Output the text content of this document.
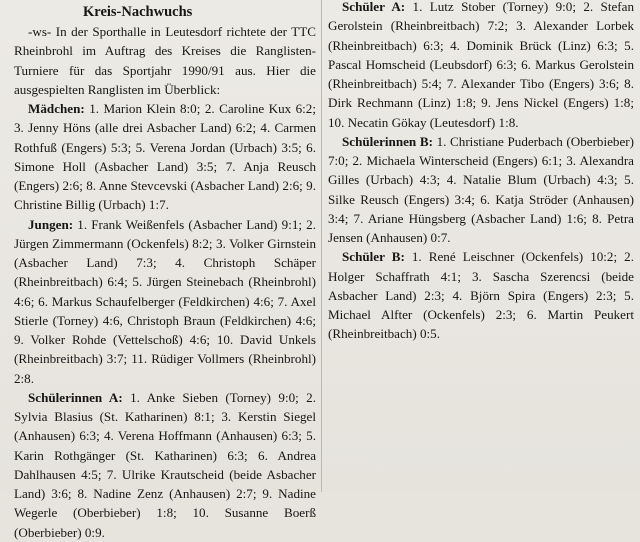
Kreis-Nachwuchs

-ws- In der Sporthalle in Leutesdorf richtete der TTC Rheinbrohl im Auftrag des Kreises die Ranglisten-Turniere für das Sportjahr 1990/91 aus. Hier die ausgespielten Ranglisten im Überblick:

Mädchen: 1. Marion Klein 8:0; 2. Caroline Kux 6:2; 3. Jenny Höns (alle drei Asbacher Land) 6:2; 4. Carmen Rothfuß (Engers) 5:3; 5. Verena Jordan (Urbach) 3:5; 6. Simone Holl (Asbacher Land) 3:5; 7. Anja Reusch (Engers) 2:6; 8. Anne Stevcevski (Asbacher Land) 2:6; 9. Christine Billig (Urbach) 1:7.

Jungen: 1. Frank Weißenfels (Asbacher Land) 9:1; 2. Jürgen Zimmermann (Ockenfels) 8:2; 3. Volker Girnstein (Asbacher Land) 7:3; 4. Christoph Schäper (Rheinbreitbach) 6:4; 5. Jürgen Steinebach (Rheinbrohl) 4:6; 6. Markus Schaufelberger (Feldkirchen) 4:6; 7. Axel Stierle (Torney) 4:6, Christoph Braun (Feldkirchen) 4:6; 9. Volker Rohde (Vettelschoß) 4:6; 10. David Unkels (Rheinbreitbach) 3:7; 11. Rüdiger Vollmers (Rheinbrohl) 2:8.

Schülerinnen A: 1. Anke Sieben (Torney) 9:0; 2. Sylvia Blasius (St. Katharinen) 8:1; 3. Kerstin Siegel (Anhausen) 6:3; 4. Verena Hoffmann (Anhausen) 6:3; 5. Karin Rothgänger (St. Katharinen) 6:3; 6. Andrea Dahlhausen 4:5; 7. Ulrike Krautscheid (beide Asbacher Land) 3:6; 8. Nadine Zenz (Anhausen) 2:7; 9. Nadine Wegerle (Oberbieber) 1:8; 10. Susanne Boerß (Oberbieber) 0:9.

Schüler A: 1. Lutz Stober (Torney) 9:0; 2. Stefan Gerolstein (Rheinbreitbach) 7:2; 3. Alexander Lorbek (Rheinbreitbach) 6:3; 4. Dominik Brück (Linz) 6:3; 5. Pascal Homscheid (Leubsdorf) 6:3; 6. Markus Gerolstein (Rheinbreitbach) 5:4; 7. Alexander Tibo (Engers) 3:6; 8. Dirk Rechmann (Linz) 1:8; 9. Jens Nickel (Engers) 1:8; 10. Necatin Gökay (Leutesdorf) 1:8.

Schülerinnen B: 1. Christiane Puderbach (Oberbieber) 7:0; 2. Michaela Winterscheid (Engers) 6:1; 3. Alexandra Gilles (Urbach) 4:3; 4. Natalie Blum (Urbach) 4:3; 5. Silke Reusch (Engers) 3:4; 6. Katja Ströder (Anhausen) 3:4; 7. Ariane Hüngsberg (Asbacher Land) 1:6; 8. Petra Jensen (Anhausen) 0:7.

Schüler B: 1. René Leischner (Ockenfels) 10:2; 2. Holger Schaffrath 4:1; 3. Sascha Szerencsi (beide Asbacher Land) 2:3; 4. Björn Spira (Engers) 2:3; 5. Michael Alfter (Ockenfels) 2:3; 6. Martin Peukert (Rheinbreitbach) 0:5.
